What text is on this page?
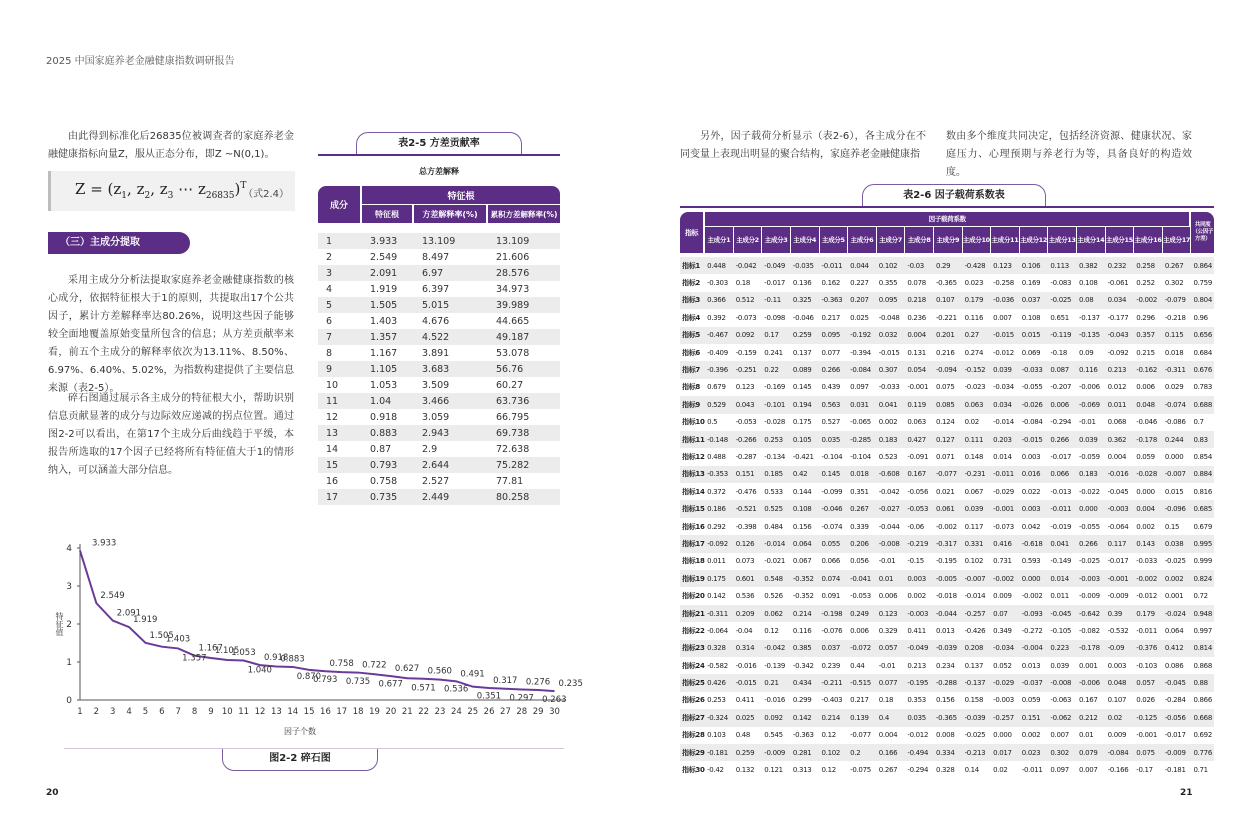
2025 中国家庭养老金融健康指数调研报告
由此得到标准化后26835位被调查者的家庭养老金融健康指标向量Z，服从正态分布，即Z ~N(0,1)。
$Z = (z_1$, $z_2$, $z_3$ ⋯ $z_{26835})^T$
（式2.4）
（三）主成分提取
采用主成分分析法提取家庭养老金融健康指数的核心成分，依据特征根大于1的原则，共提取出17个公共因子，累计方差解释率达80.26%，说明这些因子能够较全面地覆盖原始变量所包含的信息；从方差贡献率来看，前五个主成分的解释率依次为13.11%、8.50%、6.97%、6.40%、5.02%，为指数构建提供了主要信息来源（表2-5）。
碎石图通过展示各主成分的特征根大小，帮助识别信息贡献显著的成分与边际效应递减的拐点位置。通过图2-2可以看出，在第17个主成分后曲线趋于平缓，本报告所选取的17个因子已经将所有特征值大于1的情形纳入，可以涵盖大部分信息。
表2-5 方差贡献率
总方差解释
成分	特征根		
	特征根	方差解释率(%)	累积方差解释率(%)

1	3.933	13.109	13.109
2	2.549	8.497	21.606
3	2.091	6.97	28.576
4	1.919	6.397	34.973
5	1.505	5.015	39.989
6	1.403	4.676	44.665
7	1.357	4.522	49.187
8	1.167	3.891	53.078
9	1.105	3.683	56.76
10	1.053	3.509	60.27
11	1.04	3.466	63.736
12	0.918	3.059	66.795
13	0.883	2.943	69.738
14	0.87	2.9	72.638
15	0.793	2.644	75.282
16	0.758	2.527	77.81
17	0.735	2.449	80.258
0
1
2
3
4
1 2 3 4 5 6 7 8 9 10 11 12 13 14 15 16 17 18 19 20 21 22 23 24 25 26 27 28 29 30
3.933
2.549
2.091
1.919
1.505
1.403
1.357
1.167
1.105
1.053
1.040
0.918
0.883
0.870
0.793
0.758
0.735
0.722
0.677
0.627
0.571
0.560
0.536
0.491
0.351
0.317
0.297
0.276
0.263
0.235
特征值
因子个数
图2-2 碎石图
20
另外，因子载荷分析显示（表2-6），各主成分在不同变量上表现出明显的聚合结构，家庭养老金融健康指
数由多个维度共同决定，包括经济资源、健康状况、家庭压力、心理预期与养老行为等，具备良好的构造效度。
表2-6 因子载荷系数表
指标	因子载荷系数																	共同度（公因子方差）
	主成分1	主成分2	主成分3	主成分4	主成分5	主成分6	主成分7	主成分8	主成分9	主成分10	主成分11	主成分12	主成分13	主成分14	主成分15	主成分16	主成分17	

指标1	0.448	-0.042	-0.049	-0.035	-0.011	0.044	0.102	-0.03	0.29	-0.428	0.123	0.106	0.113	0.382	0.232	0.258	0.267	0.864
指标2	-0.303	0.18	-0.017	0.136	0.162	0.227	0.355	0.078	-0.365	0.023	-0.258	0.169	-0.083	0.108	-0.061	0.252	0.302	0.759
指标3	0.366	0.512	-0.11	0.325	-0.363	0.207	0.095	0.218	0.107	0.179	-0.036	0.037	-0.025	0.08	0.034	-0.002	-0.079	0.804
指标4	0.392	-0.073	-0.098	-0.046	0.217	0.025	-0.048	0.236	-0.221	0.116	0.007	0.108	0.651	-0.137	-0.177	0.296	-0.218	0.96
指标5	-0.467	0.092	0.17	0.259	0.095	-0.192	0.032	0.004	0.201	0.27	-0.015	0.015	-0.119	-0.135	-0.043	0.357	0.115	0.656
指标6	-0.409	-0.159	0.241	0.137	0.077	-0.394	-0.015	0.131	0.216	0.274	-0.012	0.069	-0.18	0.09	-0.092	0.215	0.018	0.684
指标7	-0.396	-0.251	0.22	0.089	0.266	-0.084	0.307	0.054	-0.094	-0.152	0.039	-0.033	0.087	0.116	0.213	-0.162	-0.311	0.676
指标8	0.679	0.123	-0.169	0.145	0.439	0.097	-0.033	-0.001	0.075	-0.023	-0.034	-0.055	-0.207	-0.006	0.012	0.006	0.029	0.783
指标9	0.529	0.043	-0.101	0.194	0.563	0.031	0.041	0.119	0.085	0.063	0.034	-0.026	0.006	-0.069	0.011	0.048	-0.074	0.688
指标10	0.5	-0.053	-0.028	0.175	0.527	-0.065	0.002	0.063	0.124	0.02	-0.014	-0.084	-0.294	-0.01	0.068	-0.046	-0.086	0.7
指标11	-0.148	-0.266	0.253	0.105	0.035	-0.285	0.183	0.427	0.127	0.111	0.203	-0.015	0.266	0.039	0.362	-0.178	0.244	0.83
指标12	0.488	-0.287	-0.134	-0.421	-0.104	-0.104	0.523	-0.091	0.071	0.148	0.014	0.003	-0.017	-0.059	0.004	0.059	0.000	0.854
指标13	-0.353	0.151	0.185	0.42	0.145	0.018	-0.608	0.167	-0.077	-0.231	-0.011	0.016	0.066	0.183	-0.016	-0.028	-0.007	0.884
指标14	0.372	-0.476	0.533	0.144	-0.099	0.351	-0.042	-0.056	0.021	0.067	-0.029	0.022	-0.013	-0.022	-0.045	0.000	0.015	0.816
指标15	0.186	-0.521	0.525	0.108	-0.046	0.267	-0.027	-0.053	0.061	0.039	-0.001	0.003	-0.011	0.000	-0.003	0.004	-0.096	0.685
指标16	0.292	-0.398	0.484	0.156	-0.074	0.339	-0.044	-0.06	-0.002	0.117	-0.073	0.042	-0.019	-0.055	-0.064	0.002	0.15	0.679
指标17	-0.092	0.126	-0.014	0.064	0.055	0.206	-0.008	-0.219	-0.317	0.331	0.416	-0.618	0.041	0.266	0.117	0.143	0.038	0.995
指标18	0.011	0.073	-0.021	0.067	0.066	0.056	-0.01	-0.15	-0.195	0.102	0.731	0.593	-0.149	-0.025	-0.017	-0.033	-0.025	0.999
指标19	0.175	0.601	0.548	-0.352	0.074	-0.041	0.01	0.003	-0.005	-0.007	-0.002	0.000	0.014	-0.003	-0.001	-0.002	0.002	0.824
指标20	0.142	0.536	0.526	-0.352	0.091	-0.053	0.006	0.002	-0.018	-0.014	0.009	-0.002	0.011	-0.009	-0.009	-0.012	0.001	0.72
指标21	-0.311	0.209	0.062	0.214	-0.198	0.249	0.123	-0.003	-0.044	-0.257	0.07	-0.093	-0.045	-0.642	0.39	0.179	-0.024	0.948
指标22	-0.064	-0.04	0.12	0.116	-0.076	0.006	0.329	0.411	0.013	-0.426	0.349	-0.272	-0.105	-0.082	-0.532	-0.011	0.064	0.997
指标23	0.328	0.314	-0.042	0.385	0.037	-0.072	0.057	-0.049	-0.039	0.208	-0.034	-0.004	0.223	-0.178	-0.09	-0.376	0.412	0.814
指标24	-0.582	-0.016	-0.139	-0.342	0.239	0.44	-0.01	0.213	0.234	0.137	0.052	0.013	0.039	0.001	0.003	-0.103	0.086	0.868
指标25	0.426	-0.015	0.21	0.434	-0.211	-0.515	0.077	-0.195	-0.288	-0.137	-0.029	-0.037	-0.008	-0.006	0.048	0.057	-0.045	0.88
指标26	0.253	0.411	-0.016	0.299	-0.403	0.217	0.18	0.353	0.156	0.158	-0.003	0.059	-0.063	0.167	0.107	0.026	-0.284	0.866
指标27	-0.324	0.025	0.092	0.142	0.214	0.139	0.4	0.035	-0.365	-0.039	-0.257	0.151	-0.062	0.212	0.02	-0.125	-0.056	0.668
指标28	0.103	0.48	0.545	-0.363	0.12	-0.077	0.004	-0.012	0.008	-0.025	0.000	0.002	0.007	0.01	0.009	-0.001	-0.017	0.692
指标29	-0.181	0.259	-0.009	0.281	0.102	0.2	0.166	-0.494	0.334	-0.213	0.017	0.023	0.302	0.079	-0.084	0.075	-0.009	0.776
指标30	-0.42	0.132	0.121	0.313	0.12	-0.075	0.267	-0.294	0.328	0.14	0.02	-0.011	0.097	0.007	-0.166	-0.17	-0.181	0.71
21
